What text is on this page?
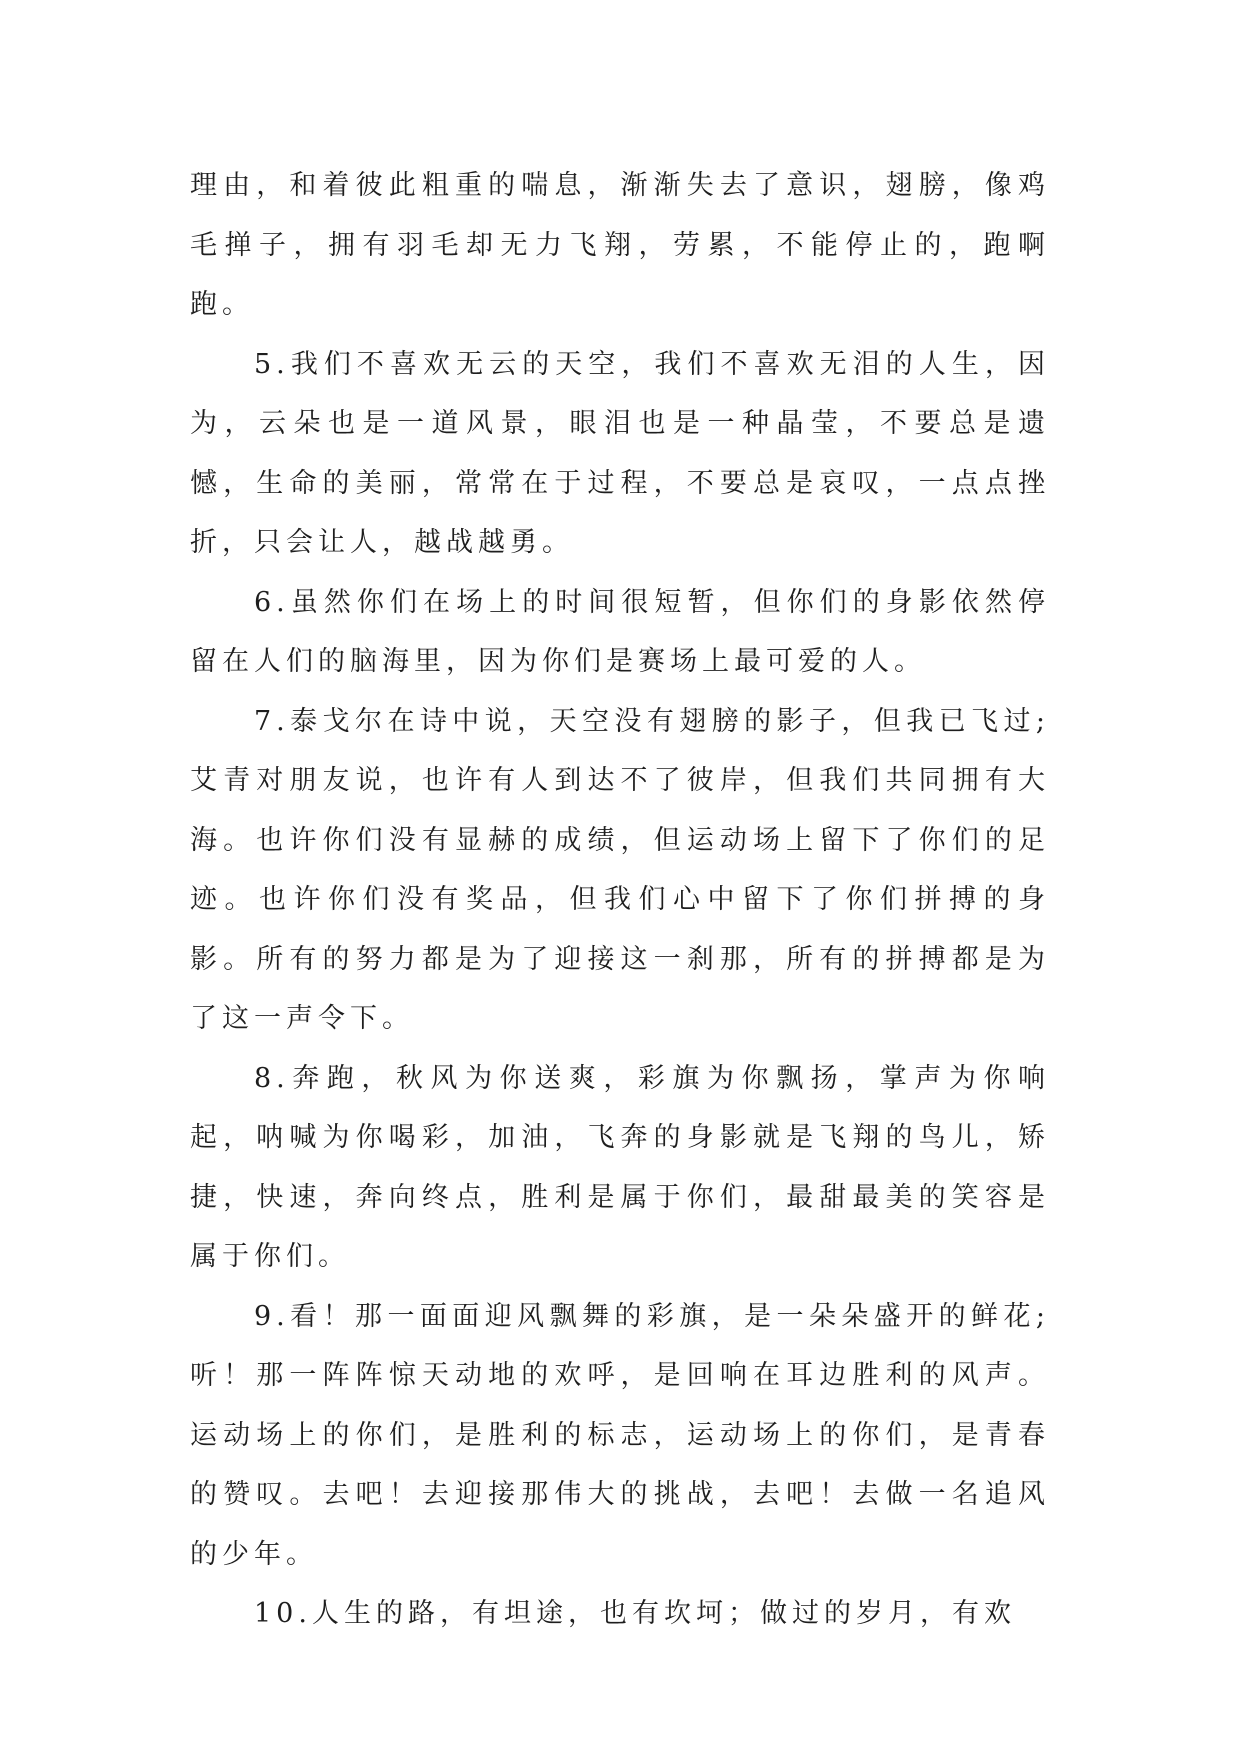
理由，和着彼此粗重的喘息，渐渐失去了意识，翅膀，像鸡毛掸子，拥有羽毛却无力飞翔，劳累，不能停止的，跑啊跑。

5.我们不喜欢无云的天空，我们不喜欢无泪的人生，因为，云朵也是一道风景，眼泪也是一种晶莹，不要总是遗憾，生命的美丽，常常在于过程，不要总是哀叹，一点点挫折，只会让人，越战越勇。

6.虽然你们在场上的时间很短暂，但你们的身影依然停留在人们的脑海里，因为你们是赛场上最可爱的人。

7.泰戈尔在诗中说，天空没有翅膀的影子，但我已飞过;艾青对朋友说，也许有人到达不了彼岸，但我们共同拥有大海。也许你们没有显赫的成绩，但运动场上留下了你们的足迹。也许你们没有奖品，但我们心中留下了你们拼搏的身影。所有的努力都是为了迎接这一刹那，所有的拼搏都是为了这一声令下。

8.奔跑，秋风为你送爽，彩旗为你飘扬，掌声为你响起，呐喊为你喝彩，加油，飞奔的身影就是飞翔的鸟儿，矫捷，快速，奔向终点，胜利是属于你们，最甜最美的笑容是属于你们。

9.看！那一面面迎风飘舞的彩旗，是一朵朵盛开的鲜花;听！那一阵阵惊天动地的欢呼，是回响在耳边胜利的风声。运动场上的你们，是胜利的标志，运动场上的你们，是青春的赞叹。去吧！去迎接那伟大的挑战，去吧！去做一名追风的少年。

10.人生的路，有坦途，也有坎坷；做过的岁月，有欢
